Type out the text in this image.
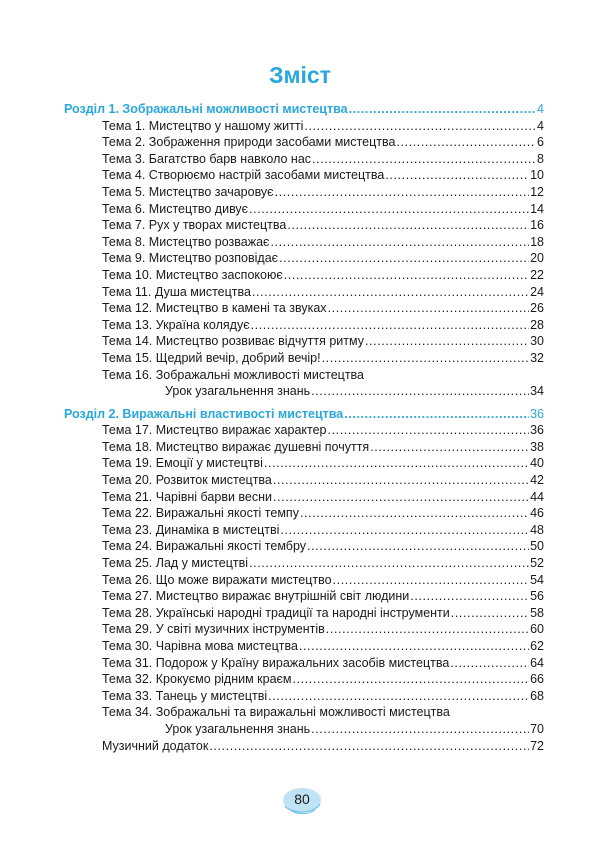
Зміст
Розділ 1. Зображальні можливості мистецтва .....	4
Тема 1. Мистецтво у нашому житті .....	4
Тема 2. Зображення природи засобами мистецтва .....	6
Тема 3. Багатство барв навколо нас .....	8
Тема 4. Створюємо настрій засобами мистецтва .....	10
Тема 5. Мистецтво зачаровує .....	12
Тема 6. Мистецтво дивує .....	14
Тема 7. Рух у творах мистецтва .....	16
Тема 8. Мистецтво розважає .....	18
Тема 9. Мистецтво розповідає .....	20
Тема 10. Мистецтво заспокоює .....	22
Тема 11. Душа мистецтва .....	24
Тема 12. Мистецтво в камені та звуках .....	26
Тема 13. Україна колядує .....	28
Тема 14. Мистецтво розвиває відчуття ритму .....	30
Тема 15. Щедрий вечір, добрий вечір! .....	32
Тема 16. Зображальні можливості мистецтва
Урок узагальнення знань .....	34
Розділ 2. Виражальні властивості мистецтва .....	36
Тема 17. Мистецтво виражає характер .....	36
Тема 18. Мистецтво виражає душевні почуття .....	38
Тема 19. Емоції у мистецтві .....	40
Тема 20. Розвиток мистецтва .....	42
Тема 21. Чарівні барви весни .....	44
Тема 22. Виражальні якості темпу .....	46
Тема 23. Динаміка в мистецтві .....	48
Тема 24. Виражальні якості тембру .....	50
Тема 25. Лад у мистецтві .....	52
Тема 26. Що може виражати мистецтво .....	54
Тема 27. Мистецтво виражає внутрішній світ людини .....	56
Тема 28. Українські народні традиції та народні інструменти .....	58
Тема 29. У світі музичних інструментів .....	60
Тема 30. Чарівна мова мистецтва .....	62
Тема 31. Подорож у Країну виражальних засобів мистецтва .....	64
Тема 32. Крокуємо рідним краєм .....	66
Тема 33. Танець у мистецтві .....	68
Тема 34. Зображальні та виражальні можливості мистецтва
Урок узагальнення знань .....	70
Музичний додаток .....	72
80
